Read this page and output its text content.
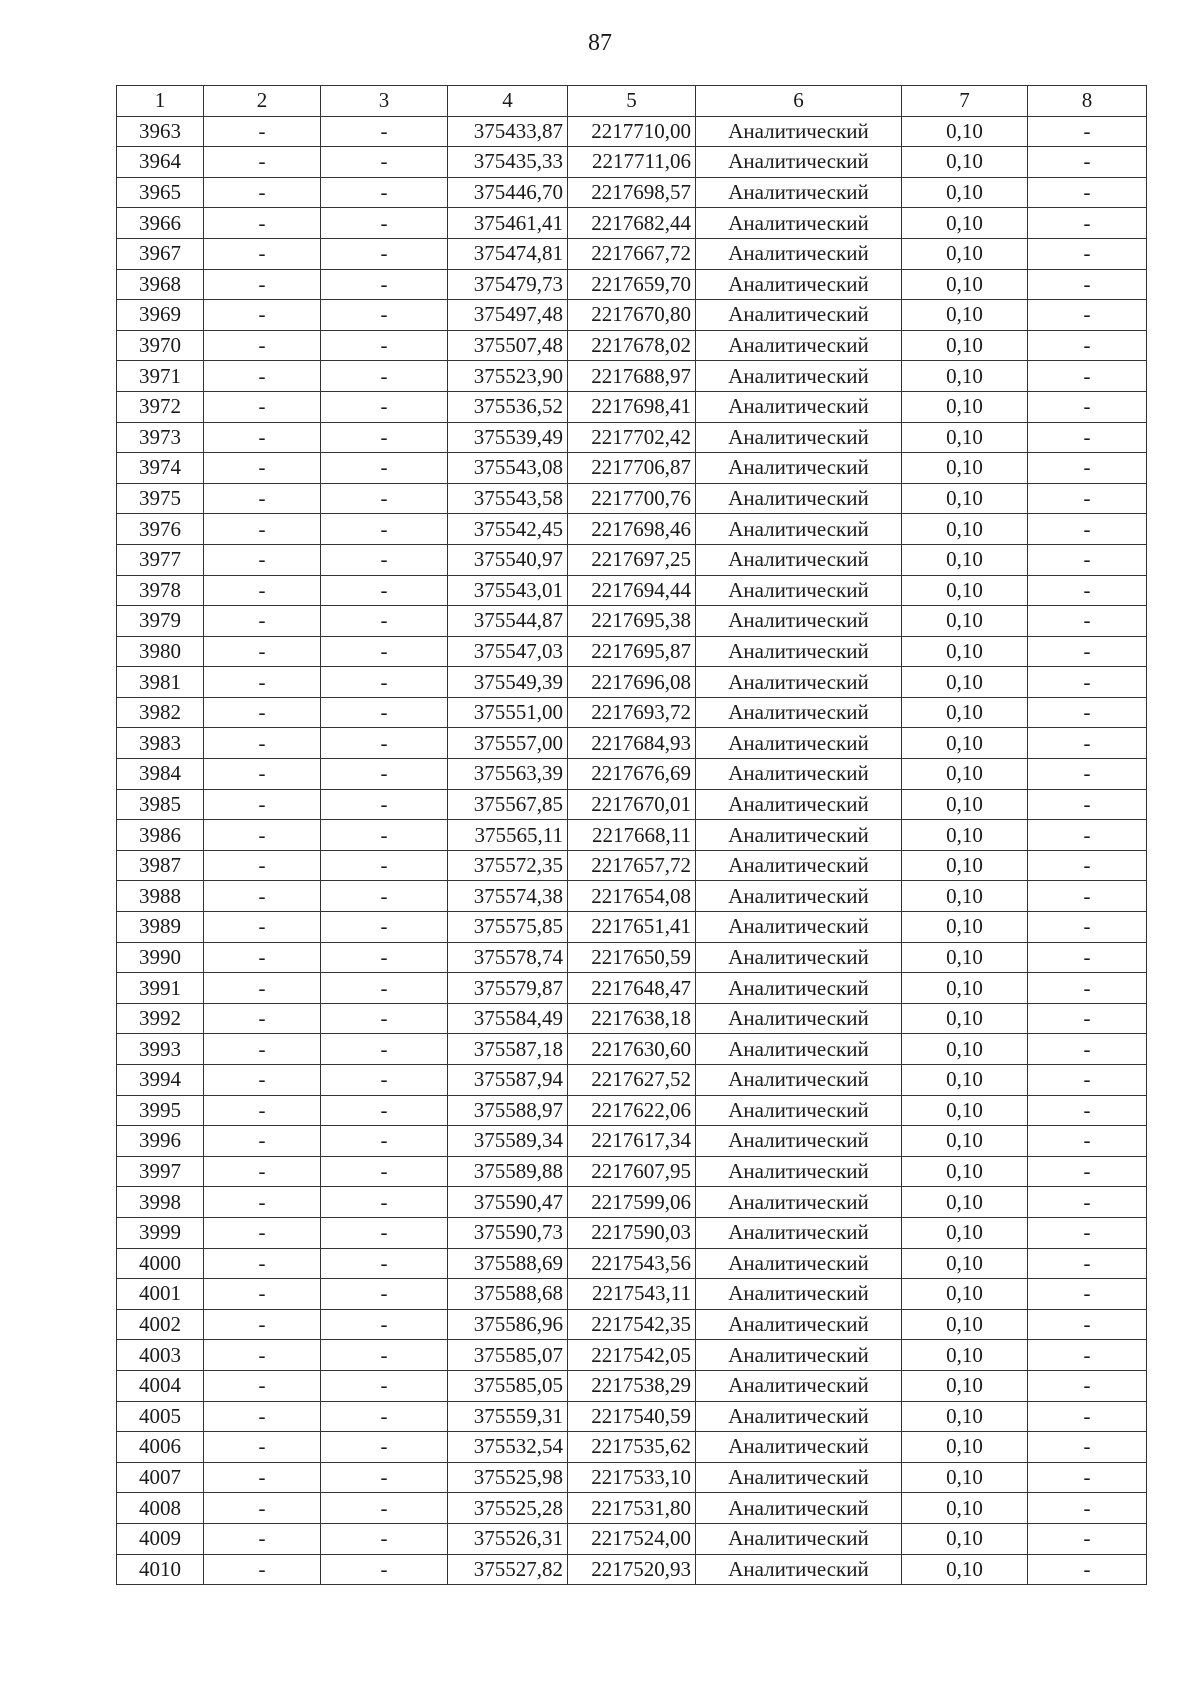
87
1	2	3	4	5	6	7	8
3963	-	-	375433,87	2217710,00	Аналитический	0,10	-
3964	-	-	375435,33	2217711,06	Аналитический	0,10	-
3965	-	-	375446,70	2217698,57	Аналитический	0,10	-
3966	-	-	375461,41	2217682,44	Аналитический	0,10	-
3967	-	-	375474,81	2217667,72	Аналитический	0,10	-
3968	-	-	375479,73	2217659,70	Аналитический	0,10	-
3969	-	-	375497,48	2217670,80	Аналитический	0,10	-
3970	-	-	375507,48	2217678,02	Аналитический	0,10	-
3971	-	-	375523,90	2217688,97	Аналитический	0,10	-
3972	-	-	375536,52	2217698,41	Аналитический	0,10	-
3973	-	-	375539,49	2217702,42	Аналитический	0,10	-
3974	-	-	375543,08	2217706,87	Аналитический	0,10	-
3975	-	-	375543,58	2217700,76	Аналитический	0,10	-
3976	-	-	375542,45	2217698,46	Аналитический	0,10	-
3977	-	-	375540,97	2217697,25	Аналитический	0,10	-
3978	-	-	375543,01	2217694,44	Аналитический	0,10	-
3979	-	-	375544,87	2217695,38	Аналитический	0,10	-
3980	-	-	375547,03	2217695,87	Аналитический	0,10	-
3981	-	-	375549,39	2217696,08	Аналитический	0,10	-
3982	-	-	375551,00	2217693,72	Аналитический	0,10	-
3983	-	-	375557,00	2217684,93	Аналитический	0,10	-
3984	-	-	375563,39	2217676,69	Аналитический	0,10	-
3985	-	-	375567,85	2217670,01	Аналитический	0,10	-
3986	-	-	375565,11	2217668,11	Аналитический	0,10	-
3987	-	-	375572,35	2217657,72	Аналитический	0,10	-
3988	-	-	375574,38	2217654,08	Аналитический	0,10	-
3989	-	-	375575,85	2217651,41	Аналитический	0,10	-
3990	-	-	375578,74	2217650,59	Аналитический	0,10	-
3991	-	-	375579,87	2217648,47	Аналитический	0,10	-
3992	-	-	375584,49	2217638,18	Аналитический	0,10	-
3993	-	-	375587,18	2217630,60	Аналитический	0,10	-
3994	-	-	375587,94	2217627,52	Аналитический	0,10	-
3995	-	-	375588,97	2217622,06	Аналитический	0,10	-
3996	-	-	375589,34	2217617,34	Аналитический	0,10	-
3997	-	-	375589,88	2217607,95	Аналитический	0,10	-
3998	-	-	375590,47	2217599,06	Аналитический	0,10	-
3999	-	-	375590,73	2217590,03	Аналитический	0,10	-
4000	-	-	375588,69	2217543,56	Аналитический	0,10	-
4001	-	-	375588,68	2217543,11	Аналитический	0,10	-
4002	-	-	375586,96	2217542,35	Аналитический	0,10	-
4003	-	-	375585,07	2217542,05	Аналитический	0,10	-
4004	-	-	375585,05	2217538,29	Аналитический	0,10	-
4005	-	-	375559,31	2217540,59	Аналитический	0,10	-
4006	-	-	375532,54	2217535,62	Аналитический	0,10	-
4007	-	-	375525,98	2217533,10	Аналитический	0,10	-
4008	-	-	375525,28	2217531,80	Аналитический	0,10	-
4009	-	-	375526,31	2217524,00	Аналитический	0,10	-
4010	-	-	375527,82	2217520,93	Аналитический	0,10	-
